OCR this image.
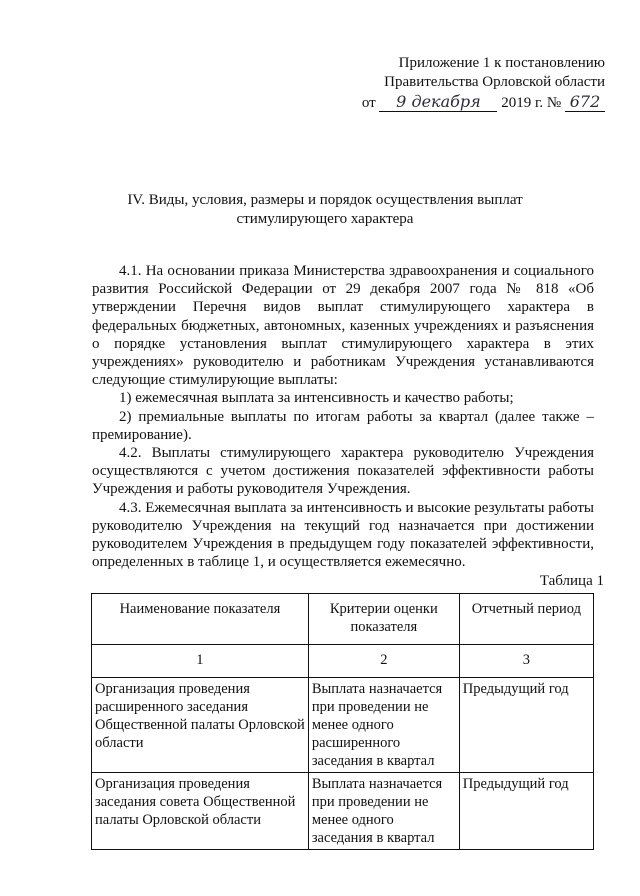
Приложение 1 к постановлению
Правительства Орловской области
от 9 декабря 2019 г. № 672
IV. Виды, условия, размеры и порядок осуществления выплат
стимулирующего характера

4.1. На основании приказа Министерства здравоохранения и социального развития Российской Федерации от 29 декабря 2007 года № 818 «Об утверждении Перечня видов выплат стимулирующего характера в федеральных бюджетных, автономных, казенных учреждениях и разъяснения о порядке установления выплат стимулирующего характера в этих учреждениях» руководителю и работникам Учреждения устанавливаются следующие стимулирующие выплаты:

1) ежемесячная выплата за интенсивность и качество работы;

2) премиальные выплаты по итогам работы за квартал (далее также – премирование).

4.2. Выплаты стимулирующего характера руководителю Учреждения осуществляются с учетом достижения показателей эффективности работы Учреждения и работы руководителя Учреждения.

4.3. Ежемесячная выплата за интенсивность и высокие результаты работы руководителю Учреждения на текущий год назначается при достижении руководителем Учреждения в предыдущем году показателей эффективности, определенных в таблице 1, и осуществляется ежемесячно.

Таблица 1
Наименование показателя	Критерии оценки показателя	Отчетный период
1	2	3
Организация проведения расширенного заседания Общественной палаты Орловской области	Выплата назначается при проведении не менее одного расширенного заседания в квартал	Предыдущий год
Организация проведения заседания совета Общественной палаты Орловской области	Выплата назначается при проведении не менее одного заседания в квартал	Предыдущий год
